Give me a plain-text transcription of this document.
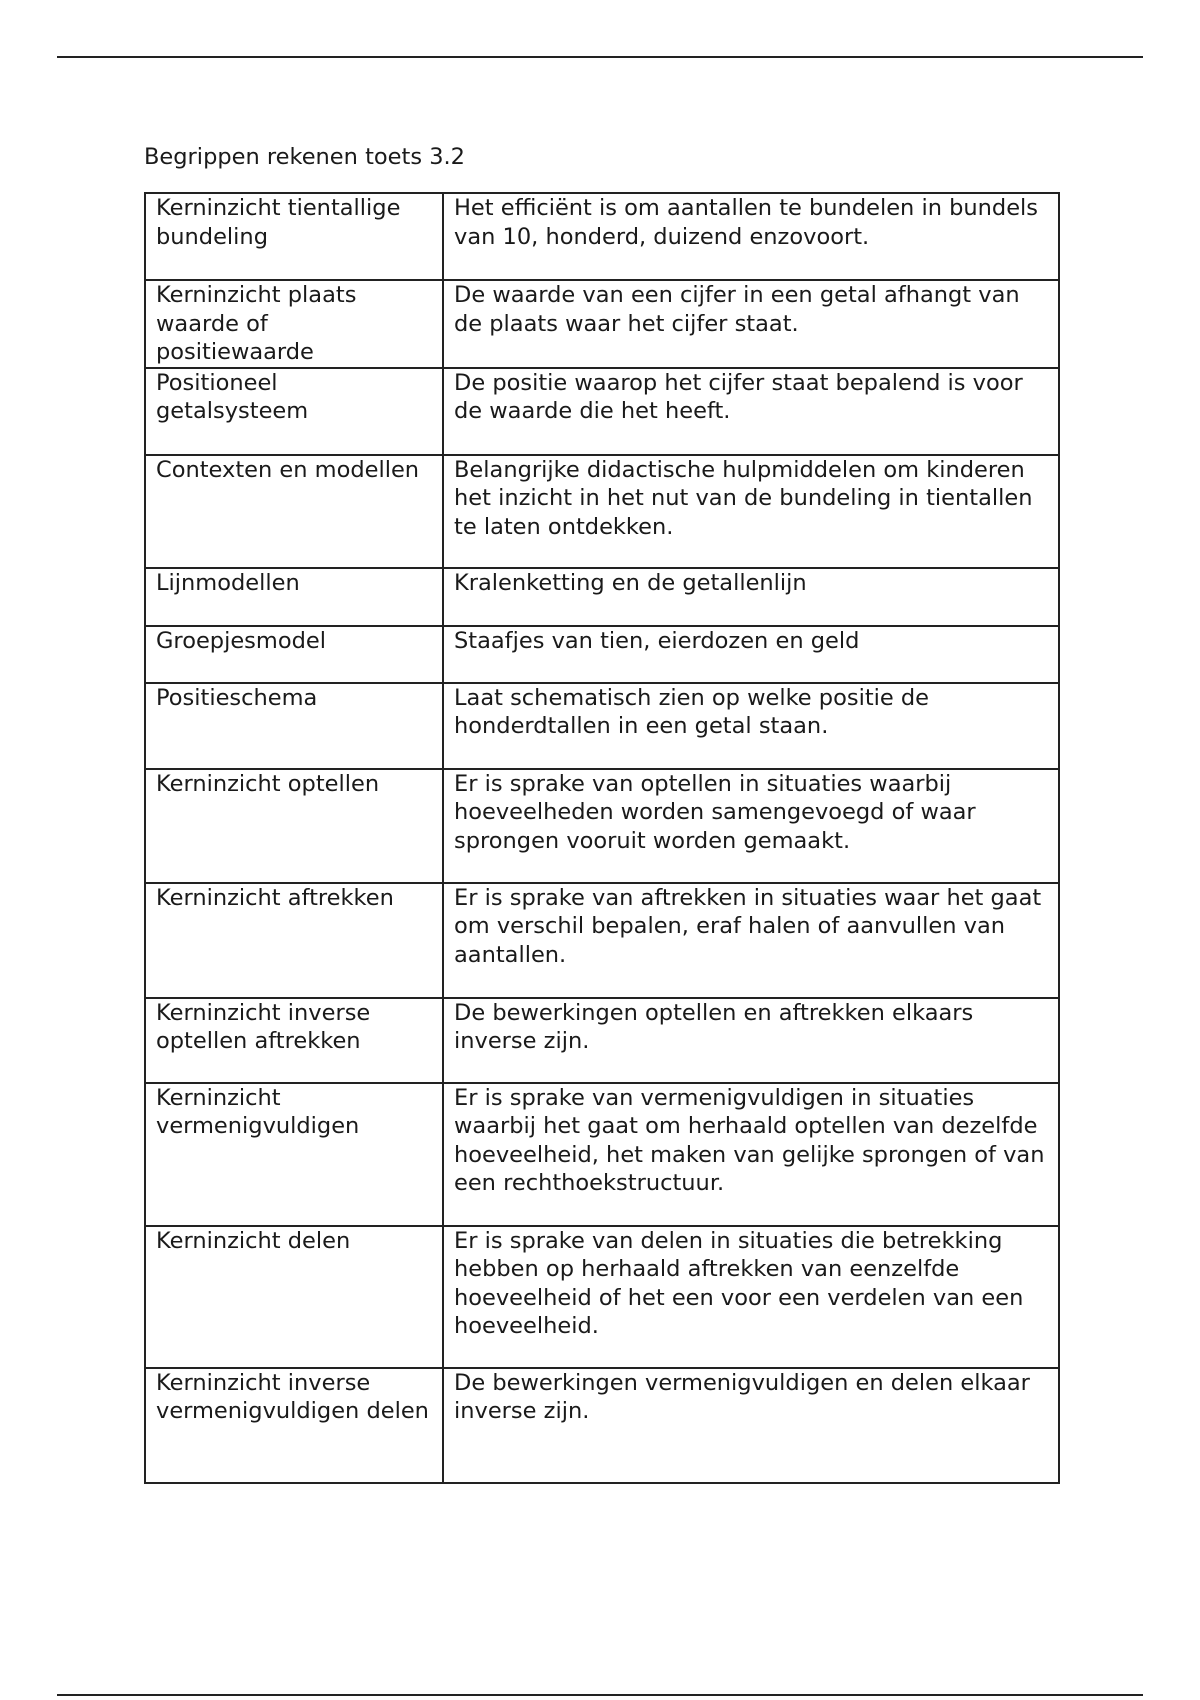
Begrippen rekenen toets 3.2
Kerninzicht tientallige bundeling	Het efficiënt is om aantallen te bundelen in bundels van 10, honderd, duizend enzovoort.
Kerninzicht plaats waarde of positiewaarde	De waarde van een cijfer in een getal afhangt van de plaats waar het cijfer staat.
Positioneel getalsysteem	De positie waarop het cijfer staat bepalend is voor de waarde die het heeft.
Contexten en modellen	Belangrijke didactische hulpmiddelen om kinderen het inzicht in het nut van de bundeling in tientallen te laten ontdekken.
Lijnmodellen	Kralenketting en de getallenlijn
Groepjesmodel	Staafjes van tien, eierdozen en geld
Positieschema	Laat schematisch zien op welke positie de honderdtallen in een getal staan.
Kerninzicht optellen	Er is sprake van optellen in situaties waarbij hoeveelheden worden samengevoegd of waar sprongen vooruit worden gemaakt.
Kerninzicht aftrekken	Er is sprake van aftrekken in situaties waar het gaat om verschil bepalen, eraf halen of aanvullen van aantallen.
Kerninzicht inverse optellen aftrekken	De bewerkingen optellen en aftrekken elkaars inverse zijn.
Kerninzicht vermenigvuldigen	Er is sprake van vermenigvuldigen in situaties waarbij het gaat om herhaald optellen van dezelfde hoeveelheid, het maken van gelijke sprongen of van een rechthoekstructuur.
Kerninzicht delen	Er is sprake van delen in situaties die betrekking hebben op herhaald aftrekken van eenzelfde hoeveelheid of het een voor een verdelen van een hoeveelheid.
Kerninzicht inverse vermenigvuldigen delen	De bewerkingen vermenigvuldigen en delen elkaar inverse zijn.
